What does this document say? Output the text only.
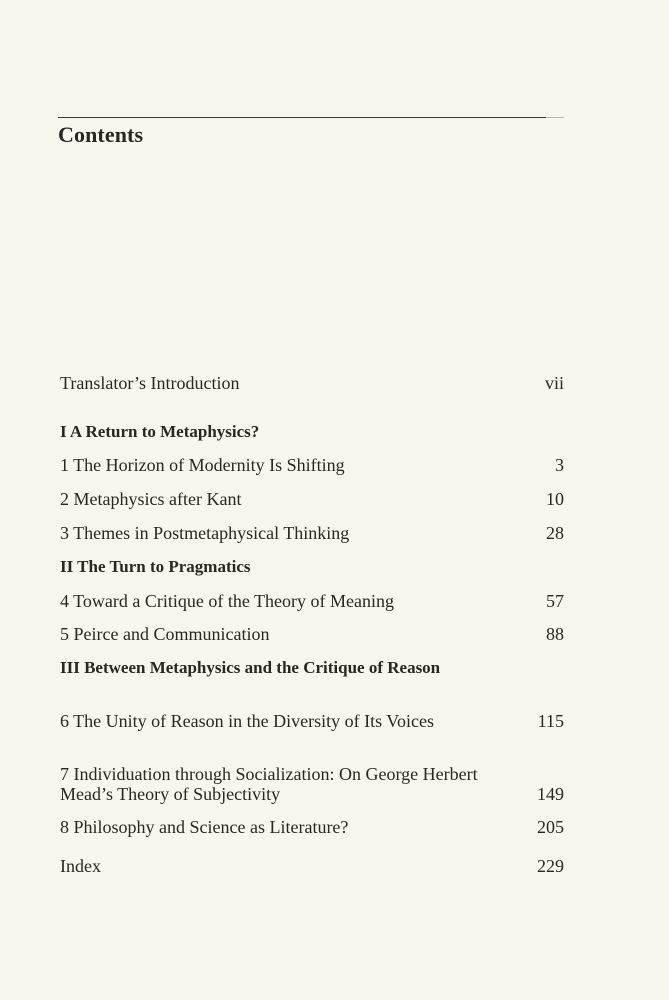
Contents
Translator’s Introduction	vii
I A Return to Metaphysics?
1 The Horizon of Modernity Is Shifting	3
2 Metaphysics after Kant	10
3 Themes in Postmetaphysical Thinking	28
II The Turn to Pragmatics
4 Toward a Critique of the Theory of Meaning	57
5 Peirce and Communication	88
III Between Metaphysics and the Critique of Reason
6 The Unity of Reason in the Diversity of Its Voices	115
7 Individuation through Socialization: On George Herbert Mead’s Theory of Subjectivity	149
8 Philosophy and Science as Literature?	205
Index	229
